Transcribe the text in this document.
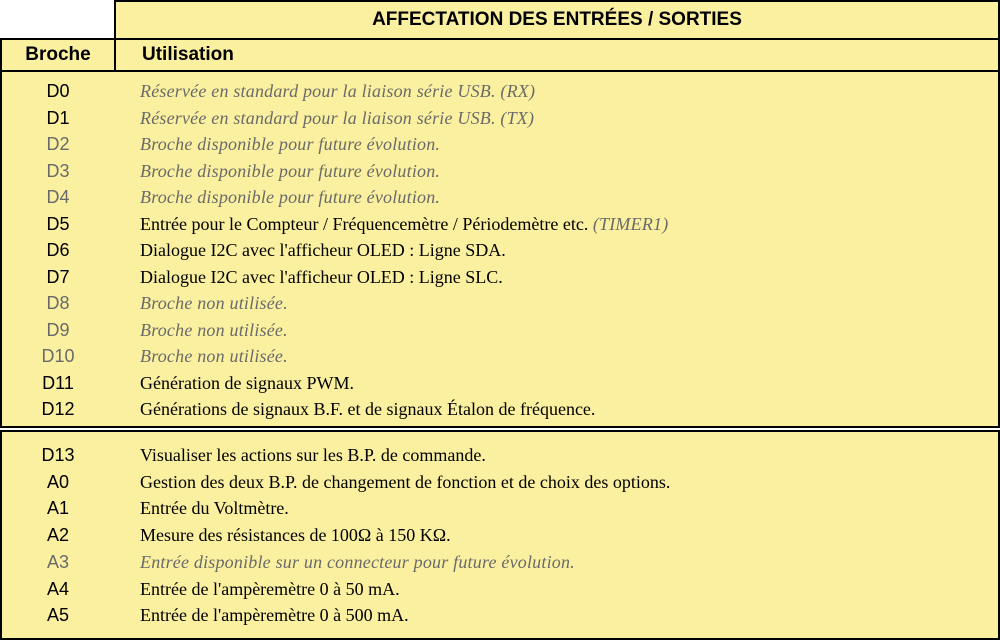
AFFECTATION DES ENTRÉES / SORTIES
Broche	Utilisation
D0
D1
D2
D3
D4
D5
D6
D7
D8
D9
D10
D11
D12
Réservée en standard pour la liaison série USB. (RX)
Réservée en standard pour la liaison série USB. (TX)
Broche disponible pour future évolution.
Broche disponible pour future évolution.
Broche disponible pour future évolution.
Entrée pour le Compteur / Fréquencemètre / Périodemètre etc. (TIMER1)
Dialogue I2C avec l'afficheur OLED : Ligne SDA.
Dialogue I2C avec l'afficheur OLED : Ligne SLC.
Broche non utilisée.
Broche non utilisée.
Broche non utilisée.
Génération de signaux PWM.
Générations de signaux B.F. et de signaux Étalon de fréquence.
D13
A0
A1
A2
A3
A4
A5
Visualiser les actions sur les B.P. de commande.
Gestion des deux B.P. de changement de fonction et de choix des options.
Entrée du Voltmètre.
Mesure des résistances de 100Ω à 150 KΩ.
Entrée disponible sur un connecteur pour future évolution.
Entrée de l'ampèremètre 0 à 50 mA.
Entrée de l'ampèremètre 0 à 500 mA.
